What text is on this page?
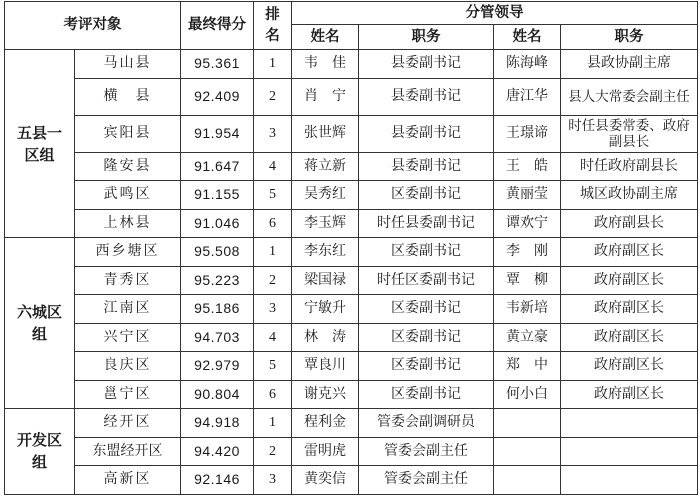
考评对象		最终得分	排名	分管领导			
				姓名	职务	姓名	职务
五县一区组	马山县	95.361	1	韦　佳	县委副书记	陈海峰	县政协副主席
	横　县	92.409	2	肖　宁	县委副书记	唐江华	县人大常委会副主任
	宾阳县	91.954	3	张世辉	县委副书记	王璟谛	时任县委常委、政府副县长
	隆安县	91.647	4	蒋立新	县委副书记	王　皓	时任政府副县长
	武鸣区	91.155	5	吴秀红	区委副书记	黄丽莹	城区政协副主席
	上林县	91.046	6	李玉辉	时任县委副书记	谭欢宁	政府副县长
六城区组	西乡塘区	95.508	1	李东红	区委副书记	李　刚	政府副区长
	青秀区	95.223	2	梁国禄	时任区委副书记	覃　柳	政府副区长
	江南区	95.186	3	宁敏升	区委副书记	韦新培	政府副区长
	兴宁区	94.703	4	林　涛	区委副书记	黄立豪	政府副区长
	良庆区	92.979	5	覃良川	区委副书记	郑　中	政府副区长
	邕宁区	90.804	6	谢克兴	区委副书记	何小白	政府副区长
开发区组	经开区	94.918	1	程利金	管委会副调研员		
	东盟经开区	94.420	2	雷明虎	管委会副主任		
	高新区	92.146	3	黄奕信	管委会副主任		
